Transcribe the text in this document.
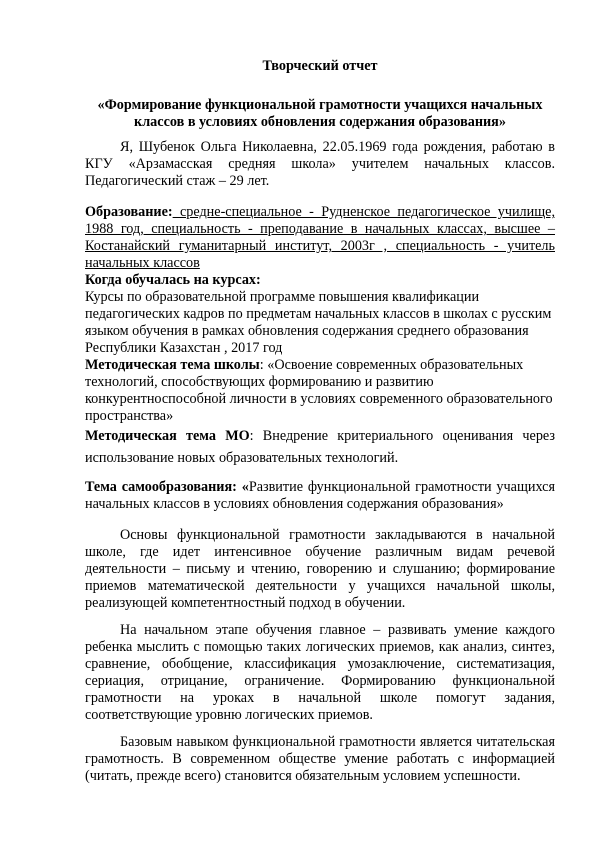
Творческий отчет

«Формирование функциональной грамотности учащихся начальных классов в условиях обновления содержания образования»

Я, Шубенок Ольга Николаевна, 22.05.1969 года рождения, работаю в КГУ «Арзамасская средняя школа» учителем начальных классов. Педагогический стаж – 29 лет.

Образование: средне-специальное - Рудненское педагогическое училище, 1988 год, специальность - преподавание в начальных классах, высшее – Костанайский гуманитарный институт, 2003г , специальность - учитель начальных классов

Когда обучалась на курсах:

Курсы по образовательной программе повышения квалификации педагогических кадров по предметам начальных классов в школах с русским языком обучения в рамках обновления содержания среднего образования Республики Казахстан , 2017 год

Методическая тема школы: «Освоение современных образовательных технологий, способствующих формированию и развитию конкурентноспособной личности в условиях современного образовательного пространства»

Методическая тема МО: Внедрение критериального оценивания через использование новых образовательных технологий.

Тема самообразования: «Развитие функциональной грамотности учащихся начальных классов в условиях обновления содержания образования»

Основы функциональной грамотности закладываются в начальной школе, где идет интенсивное обучение различным видам речевой деятельности – письму и чтению, говорению и слушанию; формирование приемов математической деятельности у учащихся начальной школы, реализующей компетентностный подход в обучении.

На начальном этапе обучения главное – развивать умение каждого ребенка мыслить с помощью таких логических приемов, как анализ, синтез, сравнение, обобщение, классификация умозаключение, систематизация, сериация, отрицание, ограничение. Формированию функциональной грамотности на уроках в начальной школе помогут задания, соответствующие уровню логических приемов.

Базовым навыком функциональной грамотности является читательская грамотность. В современном обществе умение работать с информацией (читать, прежде всего) становится обязательным условием успешности.
